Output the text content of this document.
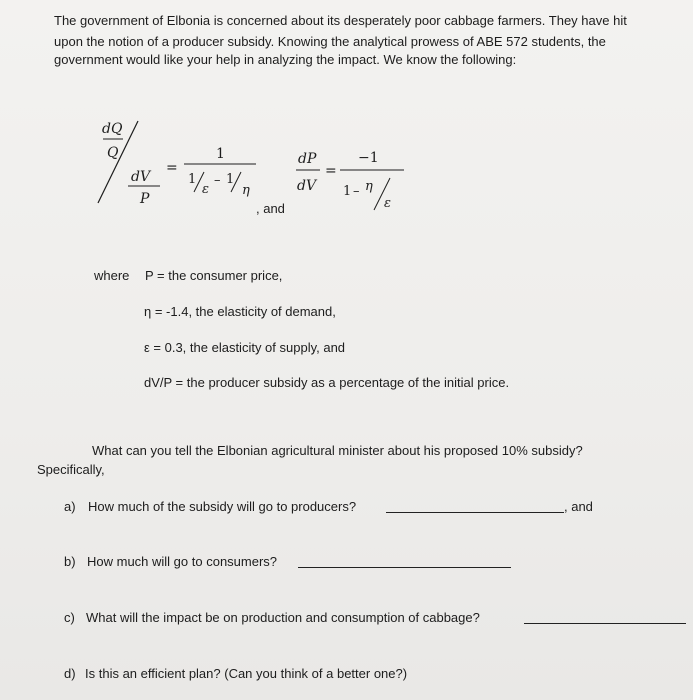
The government of Elbonia is concerned about its desperately poor cabbage farmers. They have hit
upon the notion of a producer subsidy. Knowing the analytical prowess of ABE 572 students, the
government would like your help in analyzing the impact. We know the following:
dQ
Q
dV
P
=
1
1
ε
– 1
η
dP
dV
=
−1
1 – η
ε
, and
where P = the consumer price,
η = -1.4, the elasticity of demand,
ε = 0.3, the elasticity of supply, and
dV/P = the producer subsidy as a percentage of the initial price.
What can you tell the Elbonian agricultural minister about his proposed 10% subsidy?
Specifically,
a) How much of the subsidy will go to producers?	, and
b) How much will go to consumers?
c) What will the impact be on production and consumption of cabbage?
d) Is this an efficient plan? (Can you think of a better one?)
